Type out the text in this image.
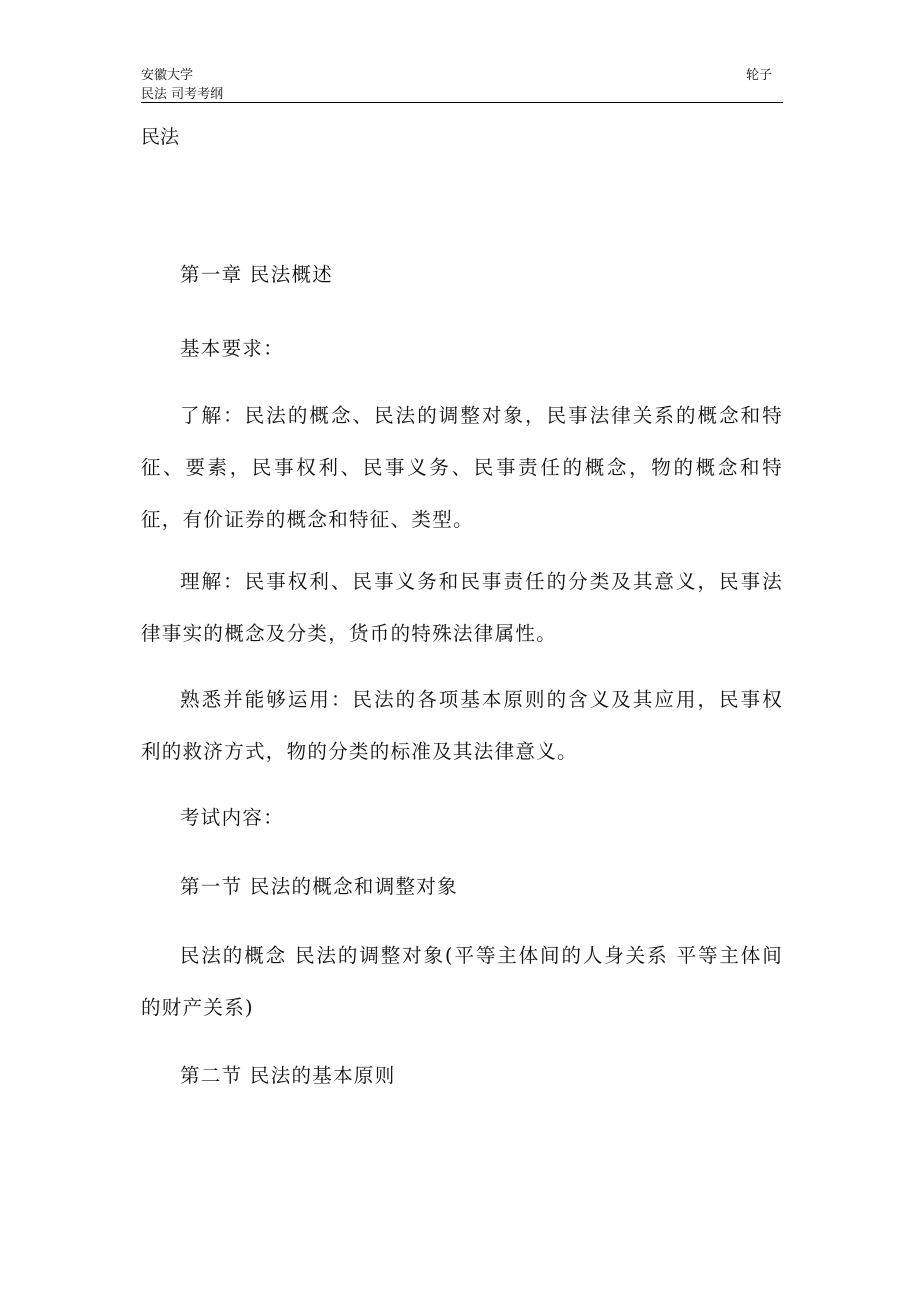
安徽大学
民法 司考考纲
轮子
民法

第一章 民法概述

基本要求：

了解：民法的概念、民法的调整对象，民事法律关系的概念和特征、要素，民事权利、民事义务、民事责任的概念，物的概念和特征，有价证券的概念和特征、类型。

理解：民事权利、民事义务和民事责任的分类及其意义，民事法律事实的概念及分类，货币的特殊法律属性。

熟悉并能够运用：民法的各项基本原则的含义及其应用，民事权利的救济方式，物的分类的标准及其法律意义。

考试内容：

第一节 民法的概念和调整对象

民法的概念 民法的调整对象(平等主体间的人身关系 平等主体间的财产关系)

第二节 民法的基本原则
